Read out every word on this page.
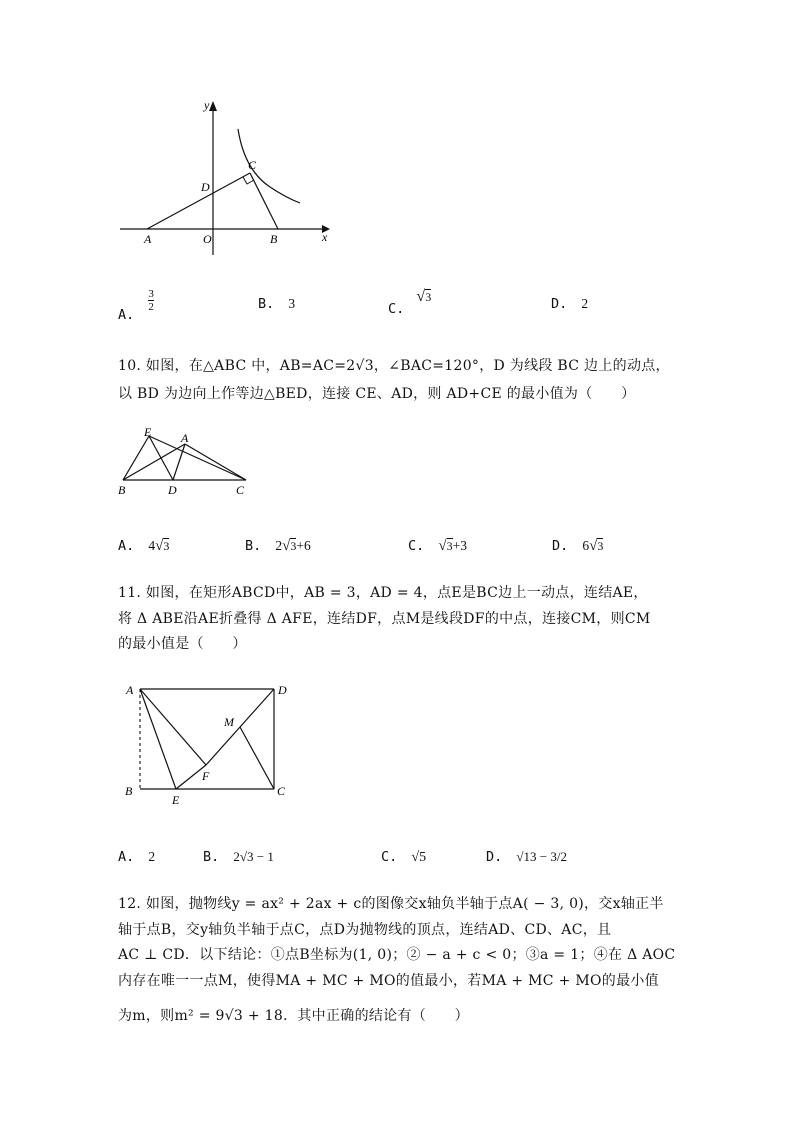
y
x
A	O	B
C
D
A.
$\frac{3}{2}$	B. 3	C. √3	D. 2
10. 如图，在△ABC 中，AB=AC=2√3，∠BAC=120°，D 为线段 BC 边上的动点，
以 BD 为边向上作等边△BED，连接 CE、AD，则 AD+CE 的最小值为（　　）
E A
B	D	C
A. 4√3	B. 2√3+6	C. √3+3	D. 6√3
11. 如图，在矩形ABCD中，AB = 3，AD = 4，点E是BC边上一动点，连结AE，
将 Δ ABE沿AE折叠得 Δ AFE，连结DF，点M是线段DF的中点，连接CM，则CM
的最小值是（　　）
A	D
M
F
B
E
C
A. 2	B. 2√3 − 1	C. √5	D. √13 − 3/2
12. 如图，抛物线y = ax² + 2ax + c的图像交x轴负半轴于点A( − 3, 0)，交x轴正半
轴于点B，交y轴负半轴于点C，点D为抛物线的顶点，连结AD、CD、AC，且
AC ⊥ CD．以下结论：①点B坐标为(1, 0)；② − a + c < 0；③a = 1；④在 Δ AOC
内存在唯一一点M，使得MA + MC + MO的值最小，若MA + MC + MO的最小值
为m，则m² = 9√3 + 18．其中正确的结论有（　　）
